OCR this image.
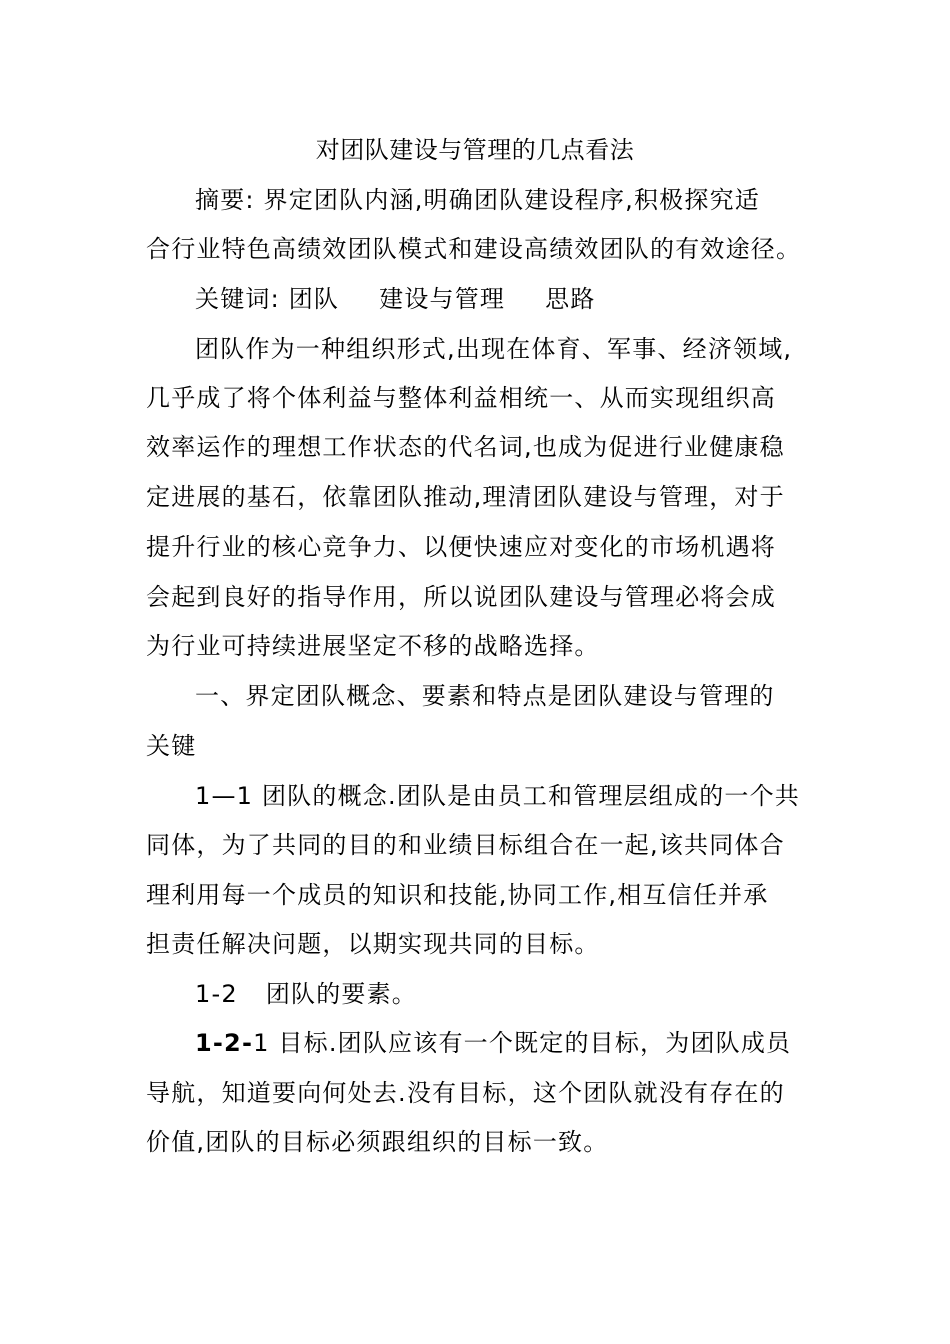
对团队建设与管理的几点看法
摘要: 界定团队内涵,明确团队建设程序,积极探究适
合行业特色高绩效团队模式和建设高绩效团队的有效途径。
关键词: 团队 建设与管理 思路
团队作为一种组织形式,出现在体育、军事、经济领域,
几乎成了将个体利益与整体利益相统一、从而实现组织高
效率运作的理想工作状态的代名词,也成为促进行业健康稳
定进展的基石，依靠团队推动,理清团队建设与管理，对于
提升行业的核心竞争力、以便快速应对变化的市场机遇将
会起到良好的指导作用，所以说团队建设与管理必将会成
为行业可持续进展坚定不移的战略选择。
一、界定团队概念、要素和特点是团队建设与管理的
关键
1—1 团队的概念.团队是由员工和管理层组成的一个共
同体，为了共同的目的和业绩目标组合在一起,该共同体合
理利用每一个成员的知识和技能,协同工作,相互信任并承
担责任解决问题，以期实现共同的目标。
1-2 团队的要素。
1-2-1 目标.团队应该有一个既定的目标，为团队成员
导航，知道要向何处去.没有目标，这个团队就没有存在的
价值,团队的目标必须跟组织的目标一致。
